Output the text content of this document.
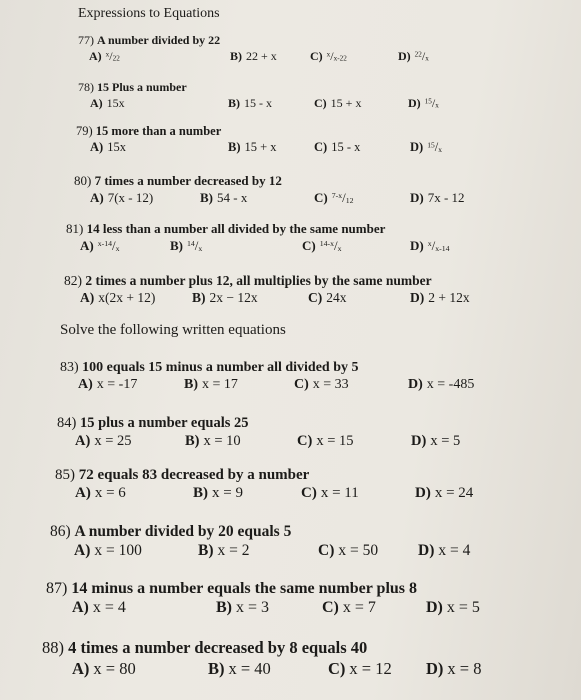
Expressions to Equations
77) A number divided by 22
A) $^x/_{22}$	B) 22 + x	C) $^x/_{x-22}$	D) $^{22}/_x$
78) 15 Plus a number
A) 15x	B) 15 - x	C) 15 + x	D) $^{15}/_x$
79) 15 more than a number
A) 15x	B) 15 + x	C) 15 - x	D) $^{15}/_x$
80) 7 times a number decreased by 12
A) 7(x - 12)	B) 54 - x	C) $^{7-x}/_{12}$	D) 7x - 12
81) 14 less than a number all divided by the same number
A) $^{x-14}/_x$	B) $^{14}/_x$	C) $^{14-x}/_x$	D) $^x/_{x-14}$
82) 2 times a number plus 12, all multiplies by the same number
A) x(2x + 12)	B) 2x − 12x	C) 24x	D) 2 + 12x
Solve the following written equations
83) 100 equals 15 minus a number all divided by 5
A) x = -17	B) x = 17	C) x = 33	D) x = -485
84) 15 plus a number equals 25
A) x = 25	B) x = 10	C) x = 15	D) x = 5
85) 72 equals 83 decreased by a number
A) x = 6	B) x = 9	C) x = 11	D) x = 24
86) A number divided by 20 equals 5
A) x = 100	B) x = 2	C) x = 50	D) x = 4
87) 14 minus a number equals the same number plus 8
A) x = 4	B) x = 3	C) x = 7	D) x = 5
88) 4 times a number decreased by 8 equals 40
A) x = 80	B) x = 40	C) x = 12 D) x = 8
